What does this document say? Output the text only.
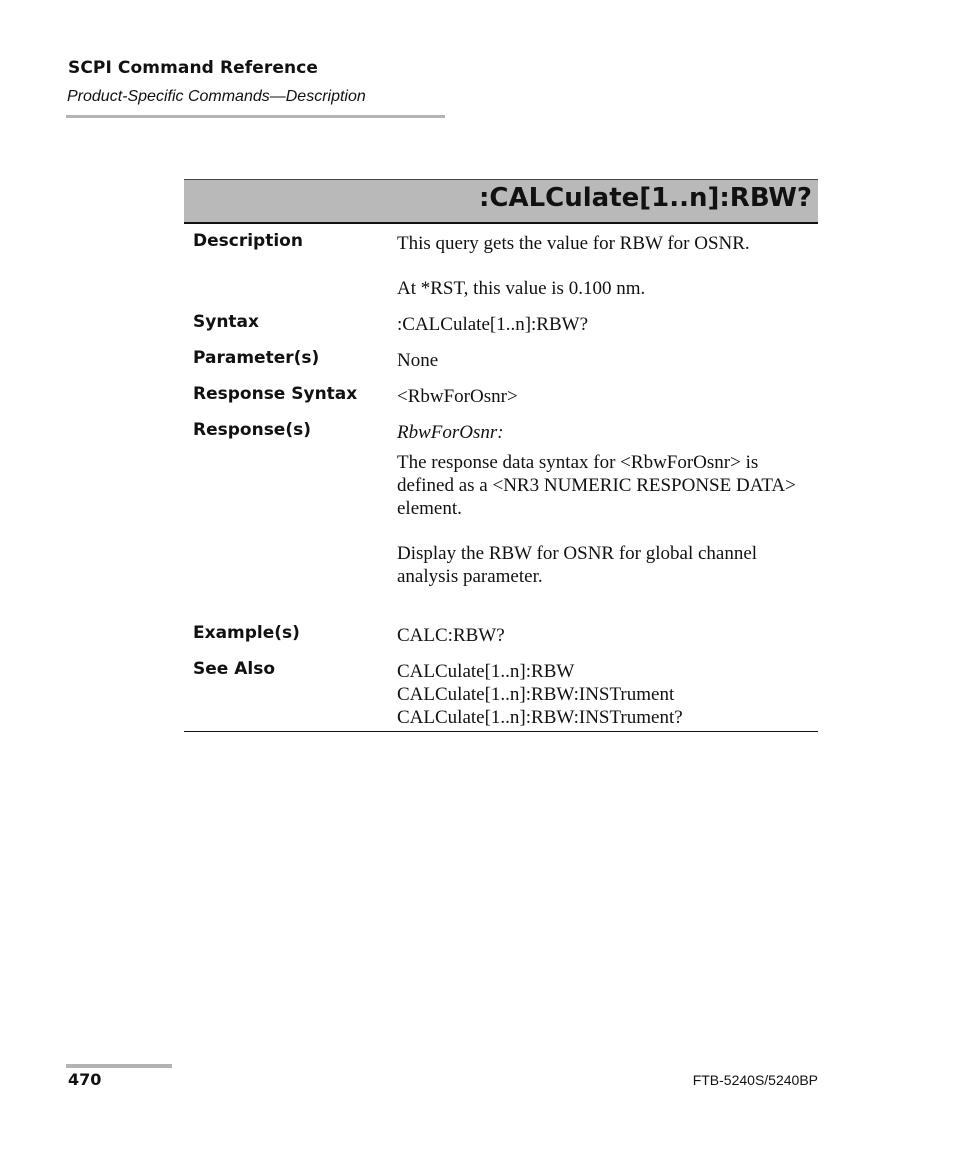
SCPI Command Reference
Product-Specific Commands—Description
:CALCulate[1..n]:RBW?
Description	This query gets the value for RBW for OSNR.

At *RST, this value is 0.100 nm.

Syntax	:CALCulate[1..n]:RBW?
Parameter(s)	None
Response Syntax <RbwForOsnr>
Response(s)	RbwForOsnr:

The response data syntax for <RbwForOsnr> is defined as a <NR3 NUMERIC RESPONSE DATA> element.

Display the RBW for OSNR for global channel analysis parameter.

Example(s)	CALC:RBW?
See Also	CALCulate[1..n]:RBW

CALCulate[1..n]:RBW:INSTrument

CALCulate[1..n]:RBW:INSTrument?

470	FTB-5240S/5240BP
